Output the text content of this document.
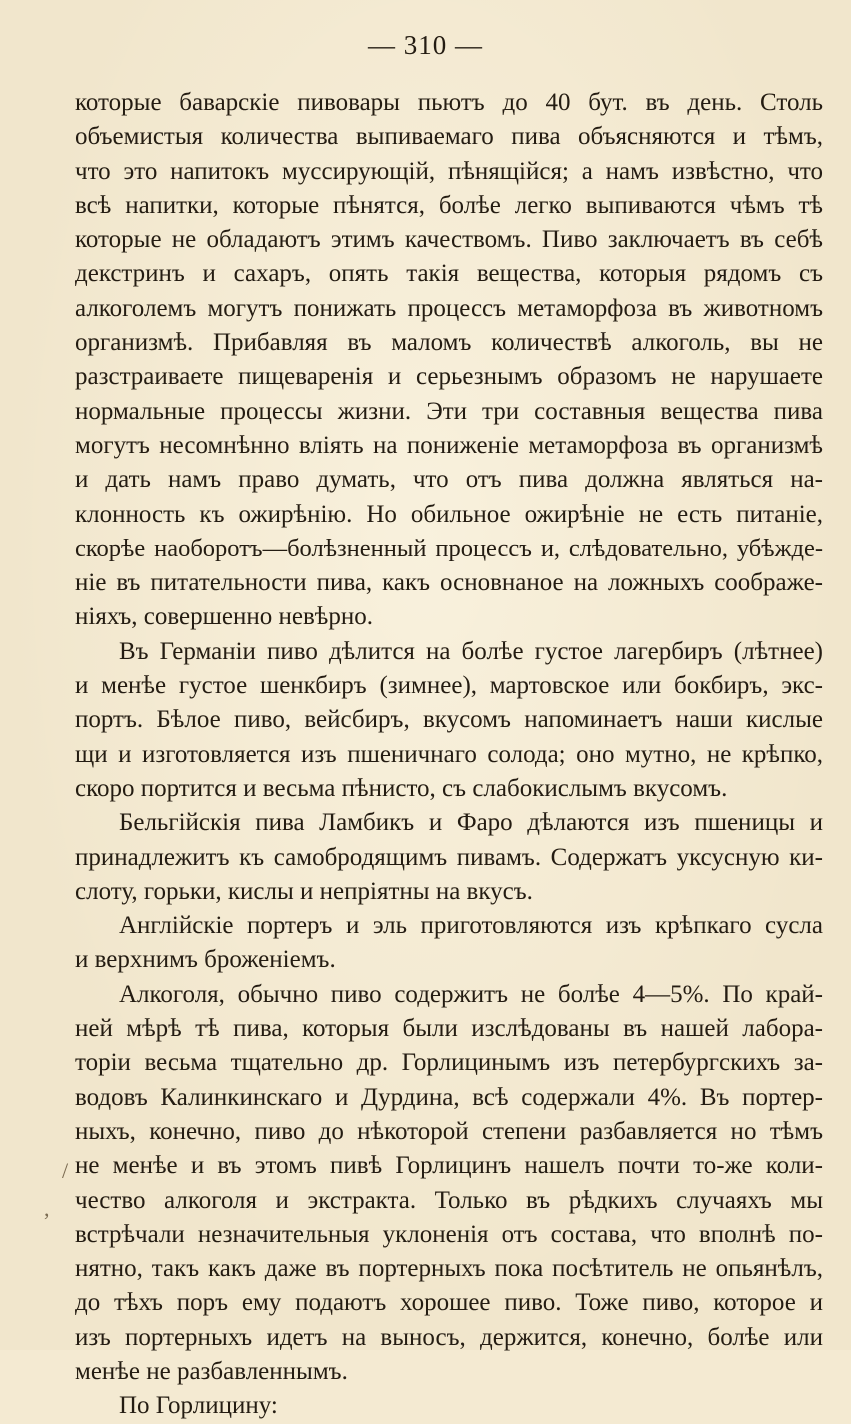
— 310 —
которые баварскіе пивовары пьютъ до 40 бут. въ день. Столь
объемистыя количества выпиваемаго пива объясняются и тѣмъ,
что это напитокъ муссирующій, пѣнящійся; а намъ извѣстно, что
всѣ напитки, которые пѣнятся, болѣе легко выпиваются чѣмъ тѣ
которые не обладаютъ этимъ качествомъ. Пиво заключаетъ въ себѣ
декстринъ и сахаръ, опять такія вещества, которыя рядомъ съ
алкоголемъ могутъ понижать процессъ метаморфоза въ животномъ
организмѣ. Прибавляя въ маломъ количествѣ алкоголь, вы не
разстраиваете пищеваренія и серьезнымъ образомъ не нарушаете
нормальные процессы жизни. Эти три составныя вещества пива
могутъ несомнѣнно вліять на пониженіе метаморфоза въ организмѣ
и дать намъ право думать, что отъ пива должна являться на-
клонность къ ожирѣнію. Но обильное ожирѣніе не есть питаніе,
скорѣе наоборотъ—болѣзненный процессъ и, слѣдовательно, убѣжде-
ніе въ питательности пива, какъ основнаное на ложныхъ соображе-
ніяхъ, совершенно невѣрно.
Въ Германіи пиво дѣлится на болѣе густое лагербиръ (лѣтнее)
и менѣе густое шенкбиръ (зимнее), мартовское или бокбиръ, экс-
портъ. Бѣлое пиво, вейсбиръ, вкусомъ напоминаетъ наши кислые
щи и изготовляется изъ пшеничнаго солода; оно мутно, не крѣпко,
скоро портится и весьма пѣнисто, съ слабокислымъ вкусомъ.
Бельгійскія пива Ламбикъ и Фаро дѣлаются изъ пшеницы и
принадлежитъ къ самобродящимъ пивамъ. Содержатъ уксусную ки-
слоту, горьки, кислы и непріятны на вкусъ.
Англійскіе портеръ и эль приготовляются изъ крѣпкаго сусла
и верхнимъ броженіемъ.
Алкоголя, обычно пиво содержитъ не болѣе 4—5%. По край-
ней мѣрѣ тѣ пива, которыя были изслѣдованы въ нашей лабора-
торіи весьма тщательно др. Горлицинымъ изъ петербургскихъ за-
водовъ Калинкинскаго и Дурдина, всѣ содержали 4%. Въ портер-
ныхъ, конечно, пиво до нѣкоторой степени разбавляется но тѣмъ
не менѣе и въ этомъ пивѣ Горлицинъ нашелъ почти то-же коли-
чество алкоголя и экстракта. Только въ рѣдкихъ случаяхъ мы
встрѣчали незначительныя уклоненія отъ состава, что вполнѣ по-
нятно, такъ какъ даже въ портерныхъ пока посѣтитель не опьянѣлъ,
до тѣхъ поръ ему подаютъ хорошее пиво. Тоже пиво, которое и
изъ портерныхъ идетъ на выносъ, держится, конечно, болѣе или
менѣе не разбавленнымъ.
По Горлицину:
/
,
